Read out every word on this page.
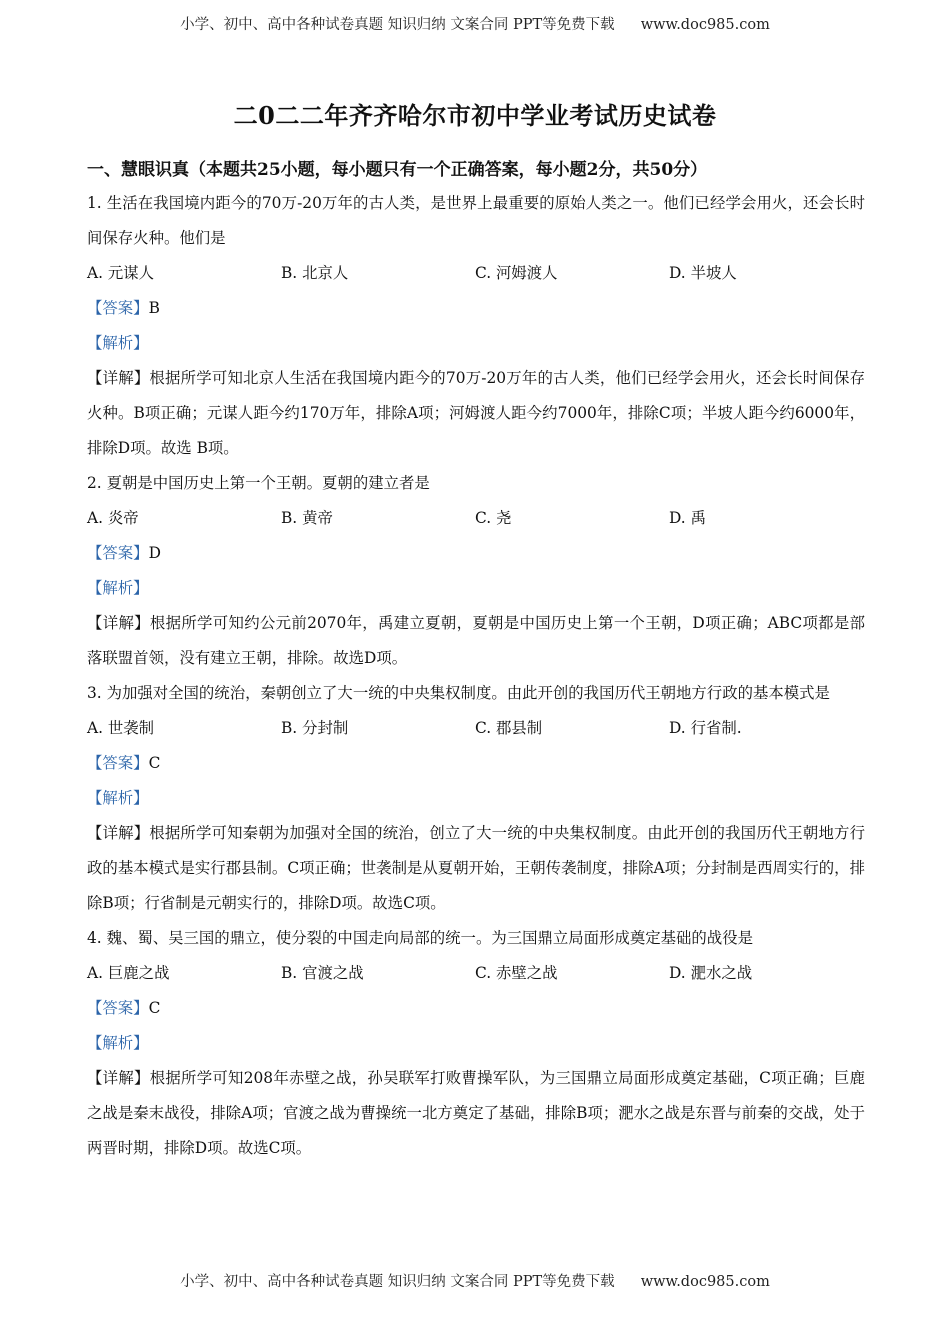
小学、初中、高中各种试卷真题 知识归纳 文案合同 PPT等免费下载 www.doc985.com
二0二二年齐齐哈尔市初中学业考试历史试卷
一、慧眼识真（本题共25小题，每小题只有一个正确答案，每小题2分，共50分）

1. 生活在我国境内距今的70万-20万年的古人类，是世界上最重要的原始人类之一。他们已经学会用火，还会长时间保存火种。他们是

A. 元谋人	B. 北京人	C. 河姆渡人	D. 半坡人
【答案】B
【解析】

【详解】根据所学可知北京人生活在我国境内距今的70万-20万年的古人类，他们已经学会用火，还会长时间保存火种。B项正确；元谋人距今约170万年，排除A项；河姆渡人距今约7000年，排除C项；半坡人距今约6000年，排除D项。故选 B项。

2. 夏朝是中国历史上第一个王朝。夏朝的建立者是

A. 炎帝	B. 黄帝	C. 尧	D. 禹
【答案】D
【解析】

【详解】根据所学可知约公元前2070年，禹建立夏朝，夏朝是中国历史上第一个王朝，D项正确；ABC项都是部落联盟首领，没有建立王朝，排除。故选D项。

3. 为加强对全国的统治，秦朝创立了大一统的中央集权制度。由此开创的我国历代王朝地方行政的基本模式是

A. 世袭制	B. 分封制	C. 郡县制	D. 行省制.
【答案】C
【解析】

【详解】根据所学可知秦朝为加强对全国的统治，创立了大一统的中央集权制度。由此开创的我国历代王朝地方行政的基本模式是实行郡县制。C项正确；世袭制是从夏朝开始，王朝传袭制度，排除A项；分封制是西周实行的，排除B项；行省制是元朝实行的，排除D项。故选C项。

4. 魏、蜀、吴三国的鼎立，使分裂的中国走向局部的统一。为三国鼎立局面形成奠定基础的战役是

A. 巨鹿之战	B. 官渡之战	C. 赤壁之战	D. 淝水之战
【答案】C
【解析】

【详解】根据所学可知208年赤壁之战，孙吴联军打败曹操军队，为三国鼎立局面形成奠定基础，C项正确；巨鹿之战是秦末战役，排除A项；官渡之战为曹操统一北方奠定了基础，排除B项；淝水之战是东晋与前秦的交战，处于两晋时期，排除D项。故选C项。

小学、初中、高中各种试卷真题 知识归纳 文案合同 PPT等免费下载 www.doc985.com
